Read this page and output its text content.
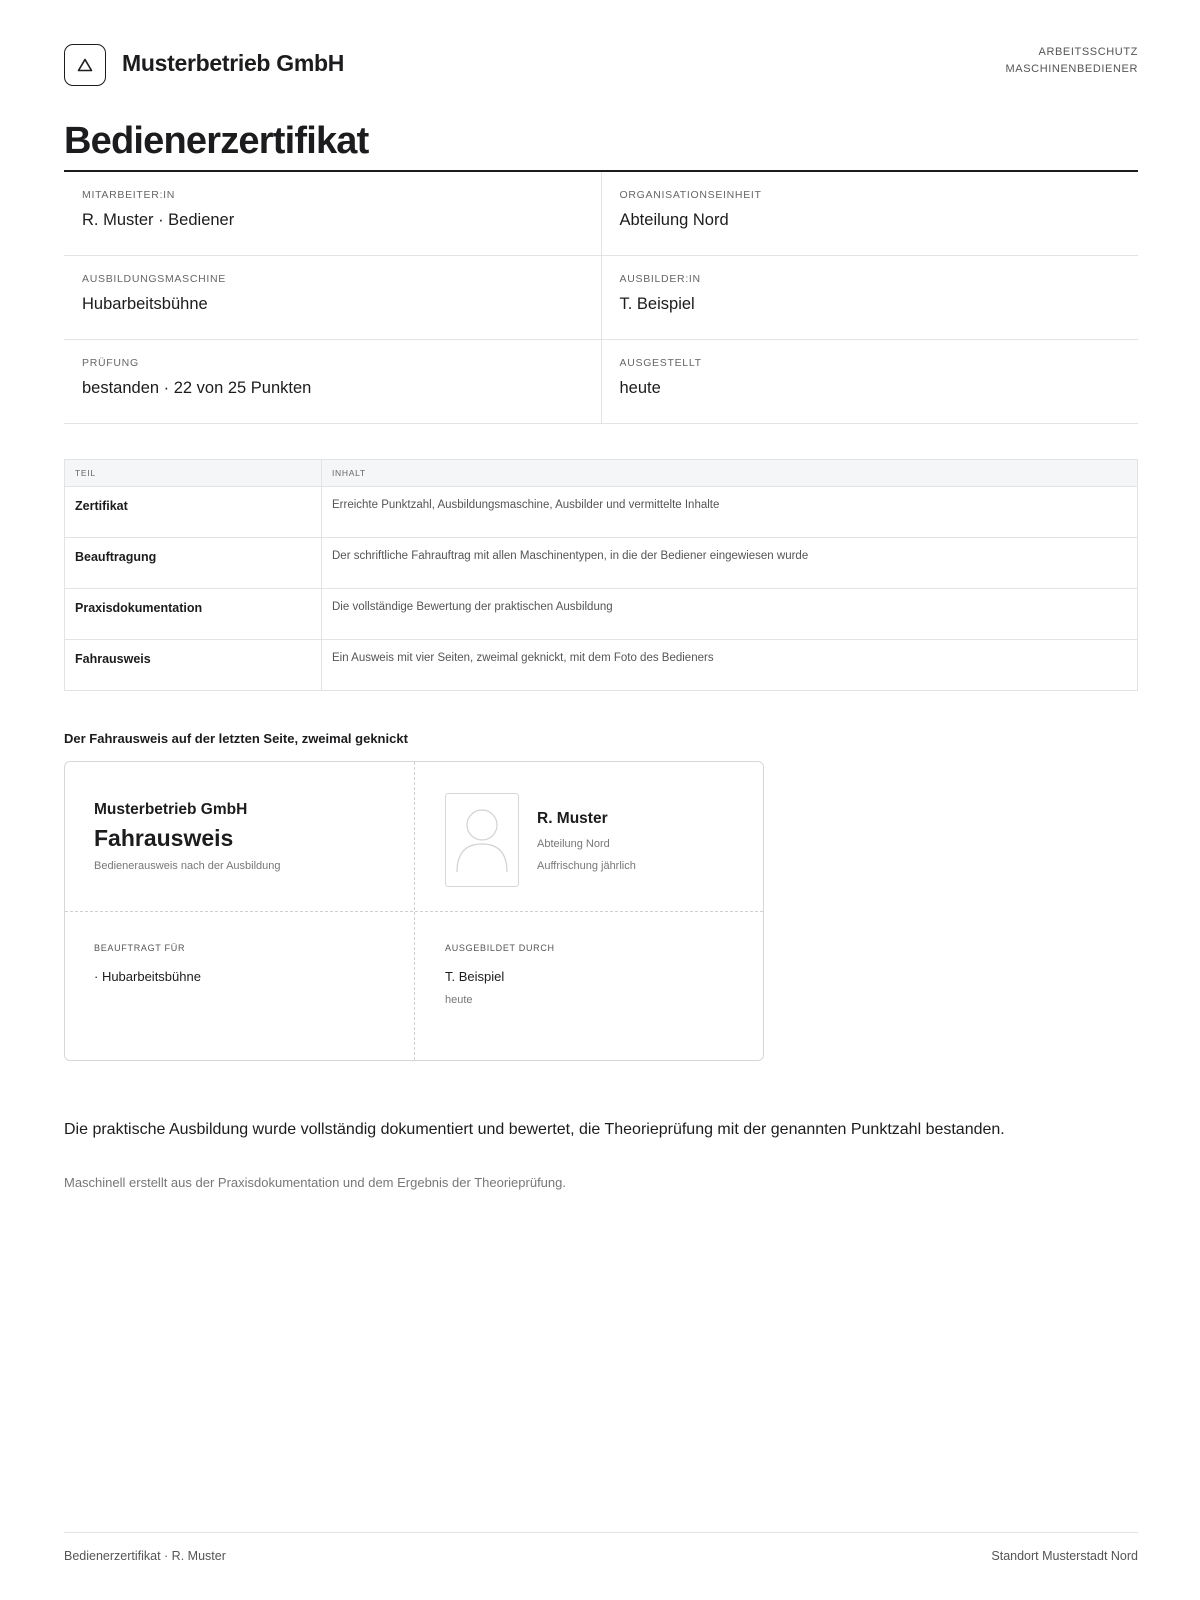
Musterbetrieb GmbH	ARBEITSSCHUTZ
MASCHINENBEDIENER
Bedienerzertifikat
MITARBEITER:IN
R. Muster · Bediener
ORGANISATIONSEINHEIT
Abteilung Nord
AUSBILDUNGSMASCHINE
Hubarbeitsbühne
AUSBILDER:IN
T. Beispiel
PRÜFUNG
bestanden · 22 von 25 Punkten
AUSGESTELLT
heute
TEIL	INHALT
Zertifikat	Erreichte Punktzahl, Ausbildungsmaschine, Ausbilder und vermittelte Inhalte
Beauftragung	Der schriftliche Fahrauftrag mit allen Maschinentypen, in die der Bediener eingewiesen wurde
Praxisdokumentation	Die vollständige Bewertung der praktischen Ausbildung
Fahrausweis	Ein Ausweis mit vier Seiten, zweimal geknickt, mit dem Foto des Bedieners
Der Fahrausweis auf der letzten Seite, zweimal geknickt
Musterbetrieb GmbH
Fahrausweis
Bedienerausweis nach der Ausbildung
R. Muster
Abteilung Nord
Auffrischung jährlich
BEAUFTRAGT FÜR
· Hubarbeitsbühne
AUSGEBILDET DURCH
T. Beispiel
heute
Die praktische Ausbildung wurde vollständig dokumentiert und bewertet, die Theorieprüfung mit der genannten Punktzahl bestanden.
Maschinell erstellt aus der Praxisdokumentation und dem Ergebnis der Theorieprüfung.
Bedienerzertifikat · R. Muster	Standort Musterstadt Nord
